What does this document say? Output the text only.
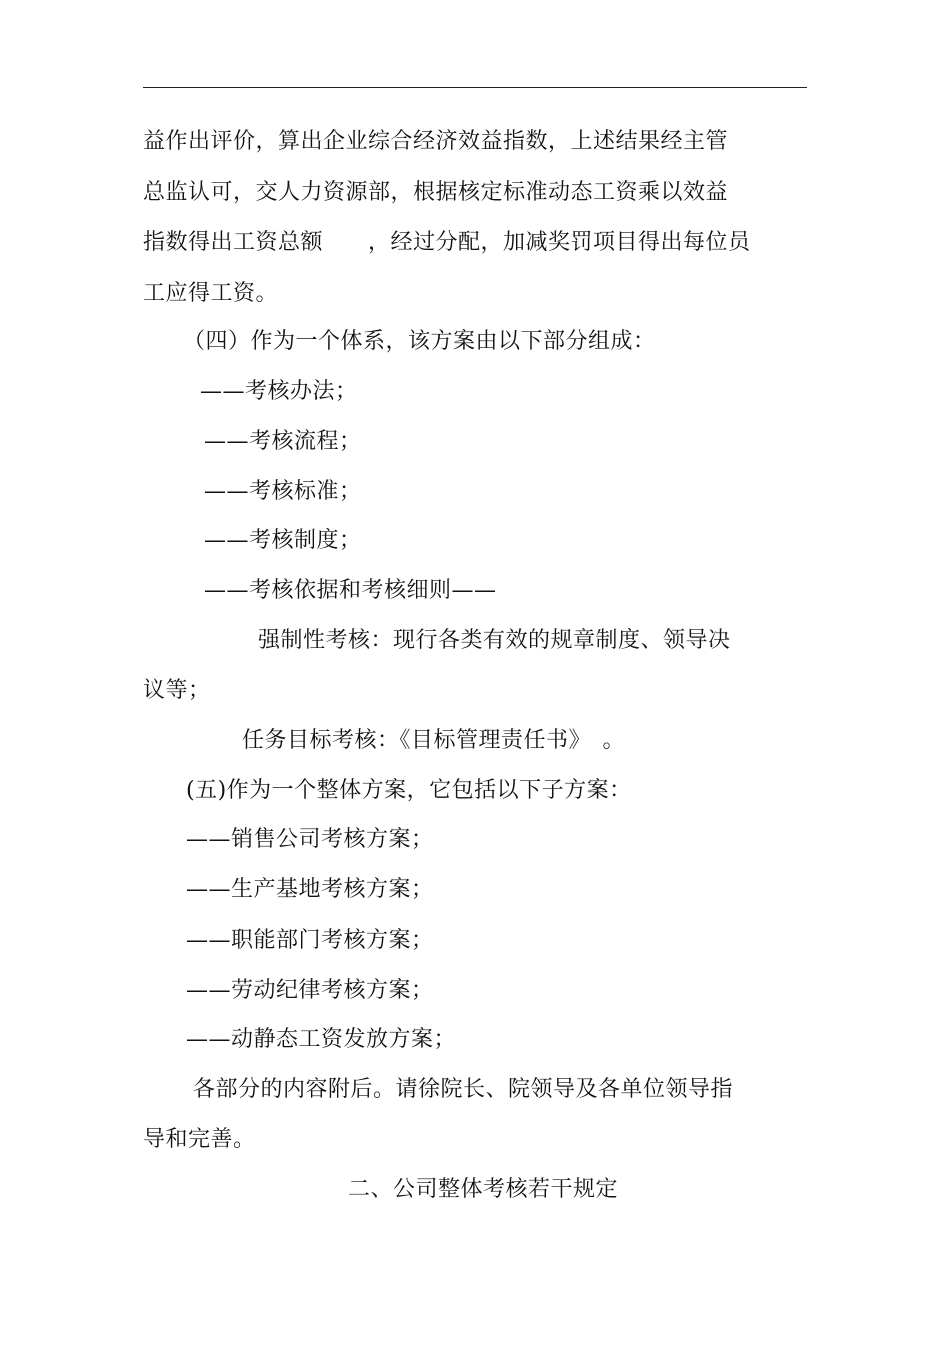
益作出评价，算出企业综合经济效益指数，上述结果经主管
总监认可，交人力资源部，根据核定标准动态工资乘以效益
指数得出工资总额　　，经过分配，加减奖罚项目得出每位员
工应得工资。
（四）作为一个体系，该方案由以下部分组成：
——考核办法；
——考核流程；
——考核标准；
——考核制度；
——考核依据和考核细则——
强制性考核：现行各类有效的规章制度、领导决
议等；
任务目标考核：《目标管理责任书》　。
(五)作为一个整体方案，它包括以下子方案：
——销售公司考核方案；
——生产基地考核方案；
——职能部门考核方案；
——劳动纪律考核方案；
——动静态工资发放方案；
各部分的内容附后。请徐院长、院领导及各单位领导指
导和完善。
二、公司整体考核若干规定
